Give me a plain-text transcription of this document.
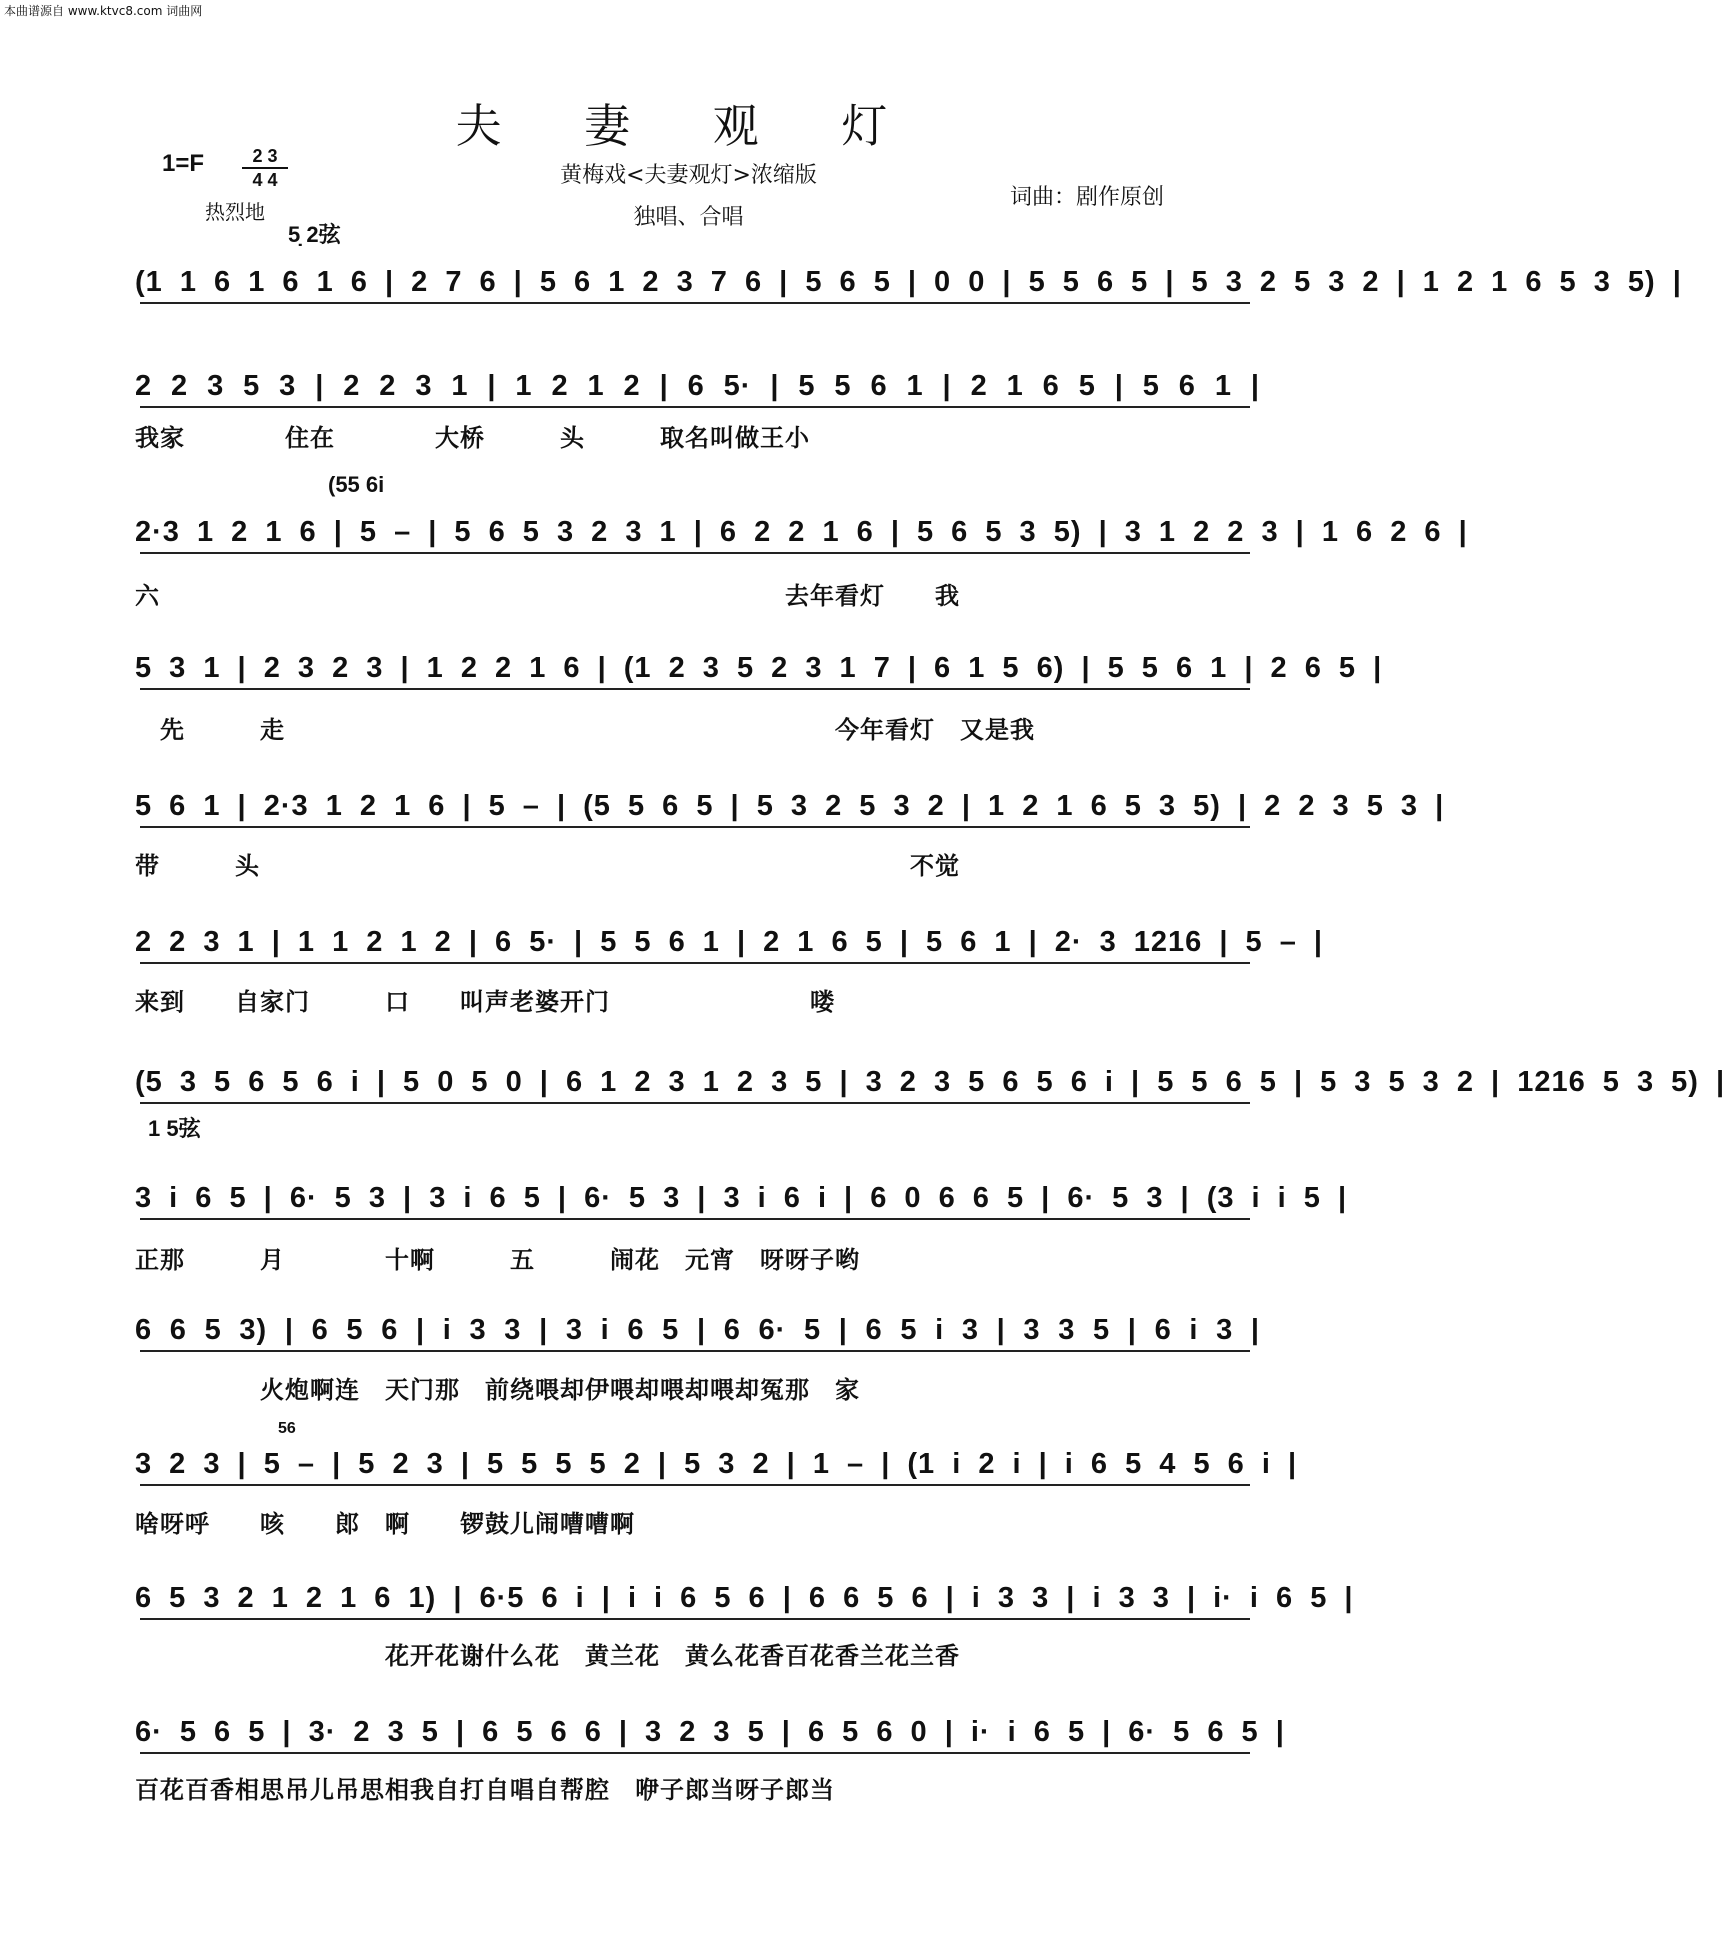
本曲谱源自 www.ktvc8.com 词曲网
夫 妻 观 灯
1=F	2 3
4 4
热烈地
黄梅戏<夫妻观灯>浓缩版
独唱、合唱
词曲：剧作原创
5̣ 2弦
(55 6i
1 5弦
56
(1 1 6 1 6 1 6 | 2 7 6 | 5 6 1 2 3 7 6 | 5 6 5 | 0 0 | 5 5 6 5 | 5 3 2 5 3 2 | 1 2 1 6 5 3 5) |
2 2 3 5 3 | 2 2 3 1 | 1 2 1 2 | 6 5· | 5 5 6 1 | 2 1 6 5 | 5 6 1 |
我家　　　　住在　　　　大桥　　　头　　　取名叫做王小
2·3 1 2 1 6 | 5 – | 5 6 5 3 2 3 1 | 6 2 2 1 6 | 5 6 5 3 5) | 3 1 2 2 3 | 1 6 2 6 |
六　　　　　　　　　　　　　　　　　　　　　　　　　去年看灯　　我
5 3 1 | 2 3 2 3 | 1 2 2 1 6 | (1 2 3 5 2 3 1 7 | 6 1 5 6) | 5 5 6 1 | 2 6 5 |
　先　　　走　　　　　　　　　　　　　　　　　　　　　　今年看灯　又是我
5 6 1 | 2·3 1 2 1 6 | 5 – | (5 5 6 5 | 5 3 2 5 3 2 | 1 2 1 6 5 3 5) | 2 2 3 5 3 |
带　　　头　　　　　　　　　　　　　　　　　　　　　　　　　　不觉
2 2 3 1 | 1 1 2 1 2 | 6 5· | 5 5 6 1 | 2 1 6 5 | 5 6 1 | 2· 3 1216 | 5 – |
来到　　自家门　　　口　　叫声老婆开门　　　　　　　　喽
(5 3 5 6 5 6 i | 5 0 5 0 | 6 1 2 3 1 2 3 5 | 3 2 3 5 6 5 6 i | 5 5 6 5 | 5 3 5 3 2 | 1216 5 3 5) |
3 i 6 5 | 6· 5 3 | 3 i 6 5 | 6· 5 3 | 3 i 6 i | 6 0 6 6 5 | 6· 5 3 | (3 i i 5 |
正那　　　月　　　　十啊　　　五　　　闹花　元宵　呀呀子哟
6 6 5 3) | 6 5 6 | i 3 3 | 3 i 6 5 | 6 6· 5 | 6 5 i 3 | 3 3 5 | 6 i 3 |
　　　　　火炮啊连　天门那　前绕喂却伊喂却喂却喂却冤那　家
3 2 3 | 5 – | 5 2 3 | 5 5 5 5 2 | 5 3 2 | 1 – | (1 i 2 i | i 6 5 4 5 6 i |
啥呀呼　　咳　　郎　啊　　锣鼓儿闹嘈嘈啊
6 5 3 2 1 2 1 6 1) | 6·5 6 i | i i 6 5 6 | 6 6 5 6 | i 3 3 | i 3 3 | i· i 6 5 |
　　　　　　　　　　花开花谢什么花　黄兰花　黄么花香百花香兰花兰香
6· 5 6 5 | 3· 2 3 5 | 6 5 6 6 | 3 2 3 5 | 6 5 6 0 | i· i 6 5 | 6· 5 6 5 |
百花百香相思吊儿吊思相我自打自唱自帮腔　咿子郎当呀子郎当
